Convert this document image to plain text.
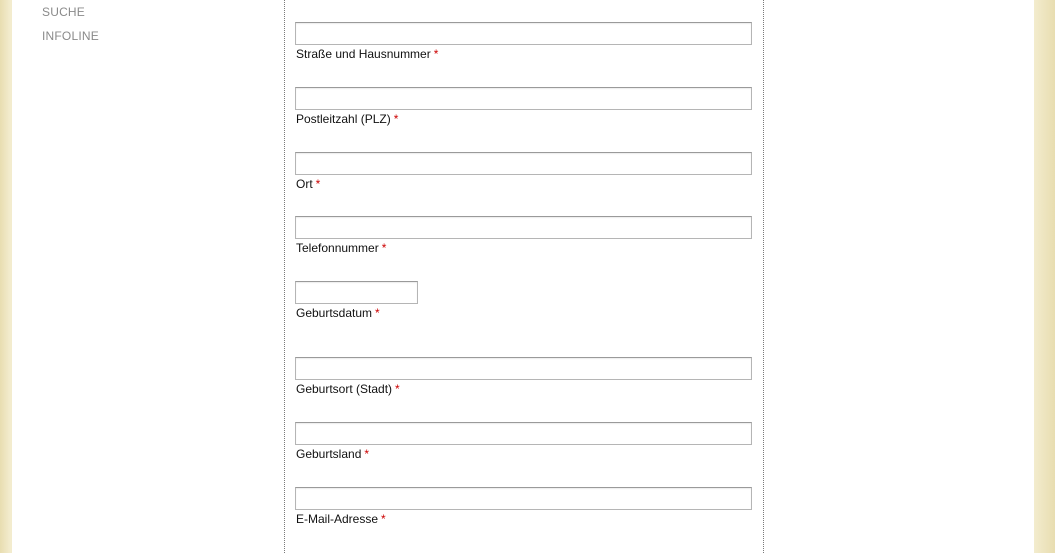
SUCHE
INFOLINE
Straße und Hausnummer *
Postleitzahl (PLZ) *
Ort *
Telefonnummer *
Geburtsdatum *
Geburtsort (Stadt) *
Geburtsland *
E-Mail-Adresse *
